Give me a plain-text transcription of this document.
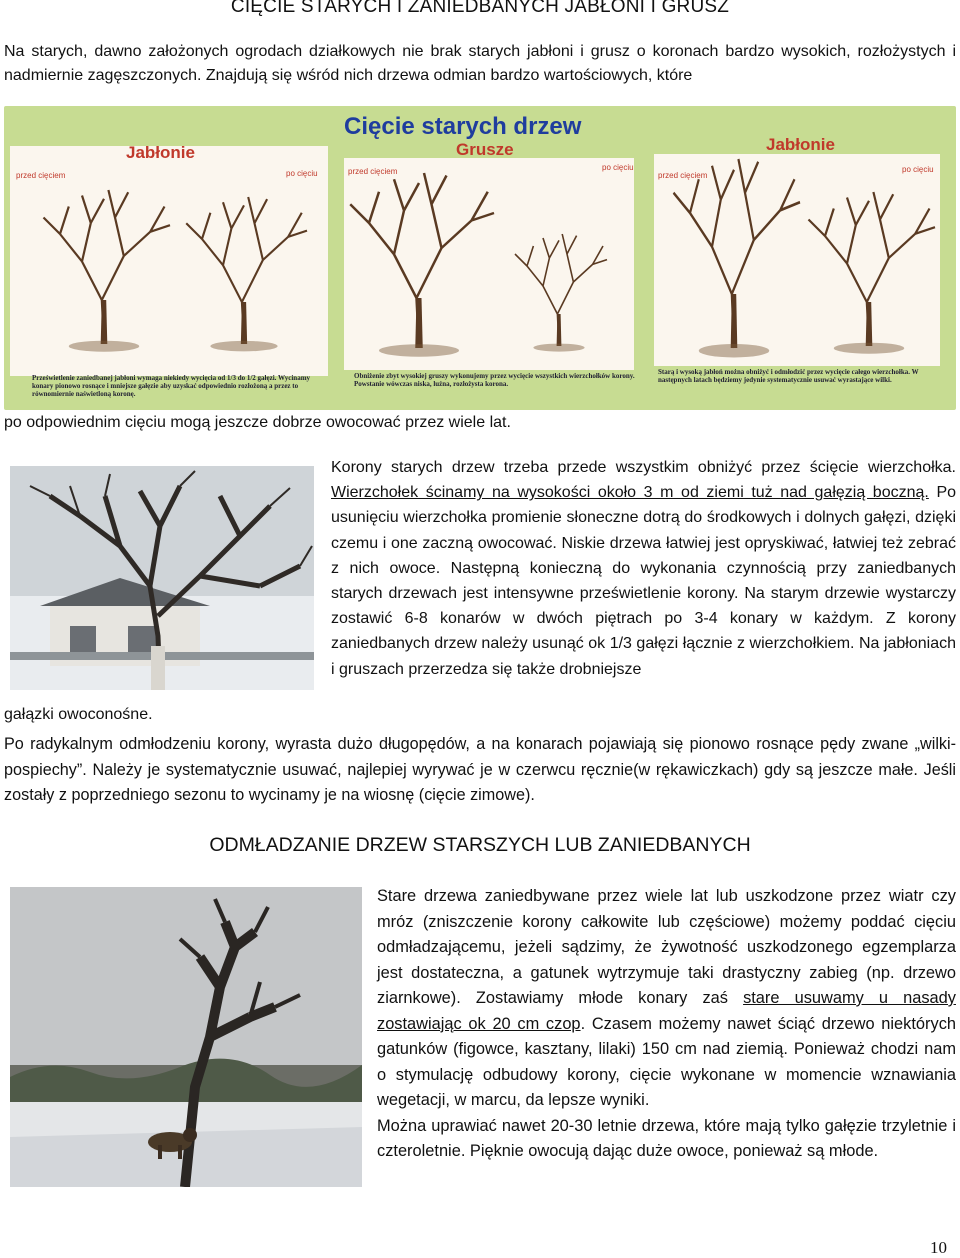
CIĘCIE STARYCH I ZANIEDBANYCH JABŁONI I GRUSZ
Na starych, dawno założonych ogrodach działkowych nie brak starych jabłoni i grusz o koronach bardzo wysokich, rozłożystych i nadmiernie zagęszczonych. Znajdują się wśród nich drzewa odmian bardzo wartościowych, które
Cięcie starych drzew
Jabłonie	Grusze	Jabłonie
przed cięciem	po cięciu	przed cięciem	po cięciu
przed cięciem
po cięciu
Prześwietlenie zaniedbanej jabłoni wymaga niekiedy wycięcia od 1/3 do 1/2 gałęzi. Wycinamy konary pionowo rosnące i mniejsze gałęzie aby uzyskać odpowiednio rozłożoną a przez to równomiernie naświetloną koronę.
Obniżenie zbyt wysokiej gruszy wykonujemy przez wycięcie wszystkich wierzchołków korony. Powstanie wówczas niska, luźna, rozłożysta korona.
Starą i wysoką jabłoń można obniżyć i odmłodzić przez wycięcie całego wierzchołka. W następnych latach będziemy jedynie systematycznie usuwać wyrastające wilki.
po odpowiednim cięciu mogą jeszcze dobrze owocować przez wiele lat.
Korony starych drzew trzeba przede wszystkim obniżyć przez ścięcie wierzchołka. Wierzchołek ścinamy na wysokości około 3 m od ziemi tuż nad gałęzią boczną. Po usunięciu wierzchołka promienie słoneczne dotrą do środkowych i dolnych gałęzi, dzięki czemu i one zaczną owocować. Niskie drzewa łatwiej jest opryskiwać, łatwiej też zebrać z nich owoce. Następną konieczną do wykonania czynnością przy zaniedbanych starych drzewach jest intensywne prześwietlenie korony. Na starym drzewie wystarczy zostawić 6-8 konarów w dwóch piętrach po 3-4 konary w każdym. Z korony zaniedbanych drzew należy usunąć ok 1/3 gałęzi łącznie z wierzchołkiem. Na jabłoniach i gruszach przerzedza się także drobniejsze
gałązki owoconośne.
Po radykalnym odmłodzeniu korony, wyrasta dużo długopędów, a na konarach pojawiają się pionowo rosnące pędy zwane „wilki-pospiechy”. Należy je systematycznie usuwać, najlepiej wyrywać je w czerwcu ręcznie(w rękawiczkach) gdy są jeszcze małe. Jeśli zostały z poprzedniego sezonu to wycinamy je na wiosnę (cięcie zimowe).
ODMŁADZANIE DRZEW STARSZYCH LUB ZANIEDBANYCH
Stare drzewa zaniedbywane przez wiele lat lub uszkodzone przez wiatr czy mróz (zniszczenie korony całkowite lub częściowe) możemy poddać cięciu odmładzającemu, jeżeli sądzimy, że żywotność uszkodzonego egzemplarza jest dostateczna, a gatunek wytrzymuje taki drastyczny zabieg (np. drzewo ziarnkowe). Zostawiamy młode konary zaś stare usuwamy u nasady zostawiając ok 20 cm czop. Czasem możemy nawet ściąć drzewo niektórych gatunków (figowce, kasztany, lilaki) 150 cm nad ziemią. Ponieważ chodzi nam o stymulację odbudowy korony, cięcie wykonane w momencie wznawiania wegetacji, w marcu, da lepsze wyniki.
Można uprawiać nawet 20-30 letnie drzewa, które mają tylko gałęzie trzyletnie i czteroletnie. Pięknie owocują dając duże owoce, ponieważ są młode.
10
